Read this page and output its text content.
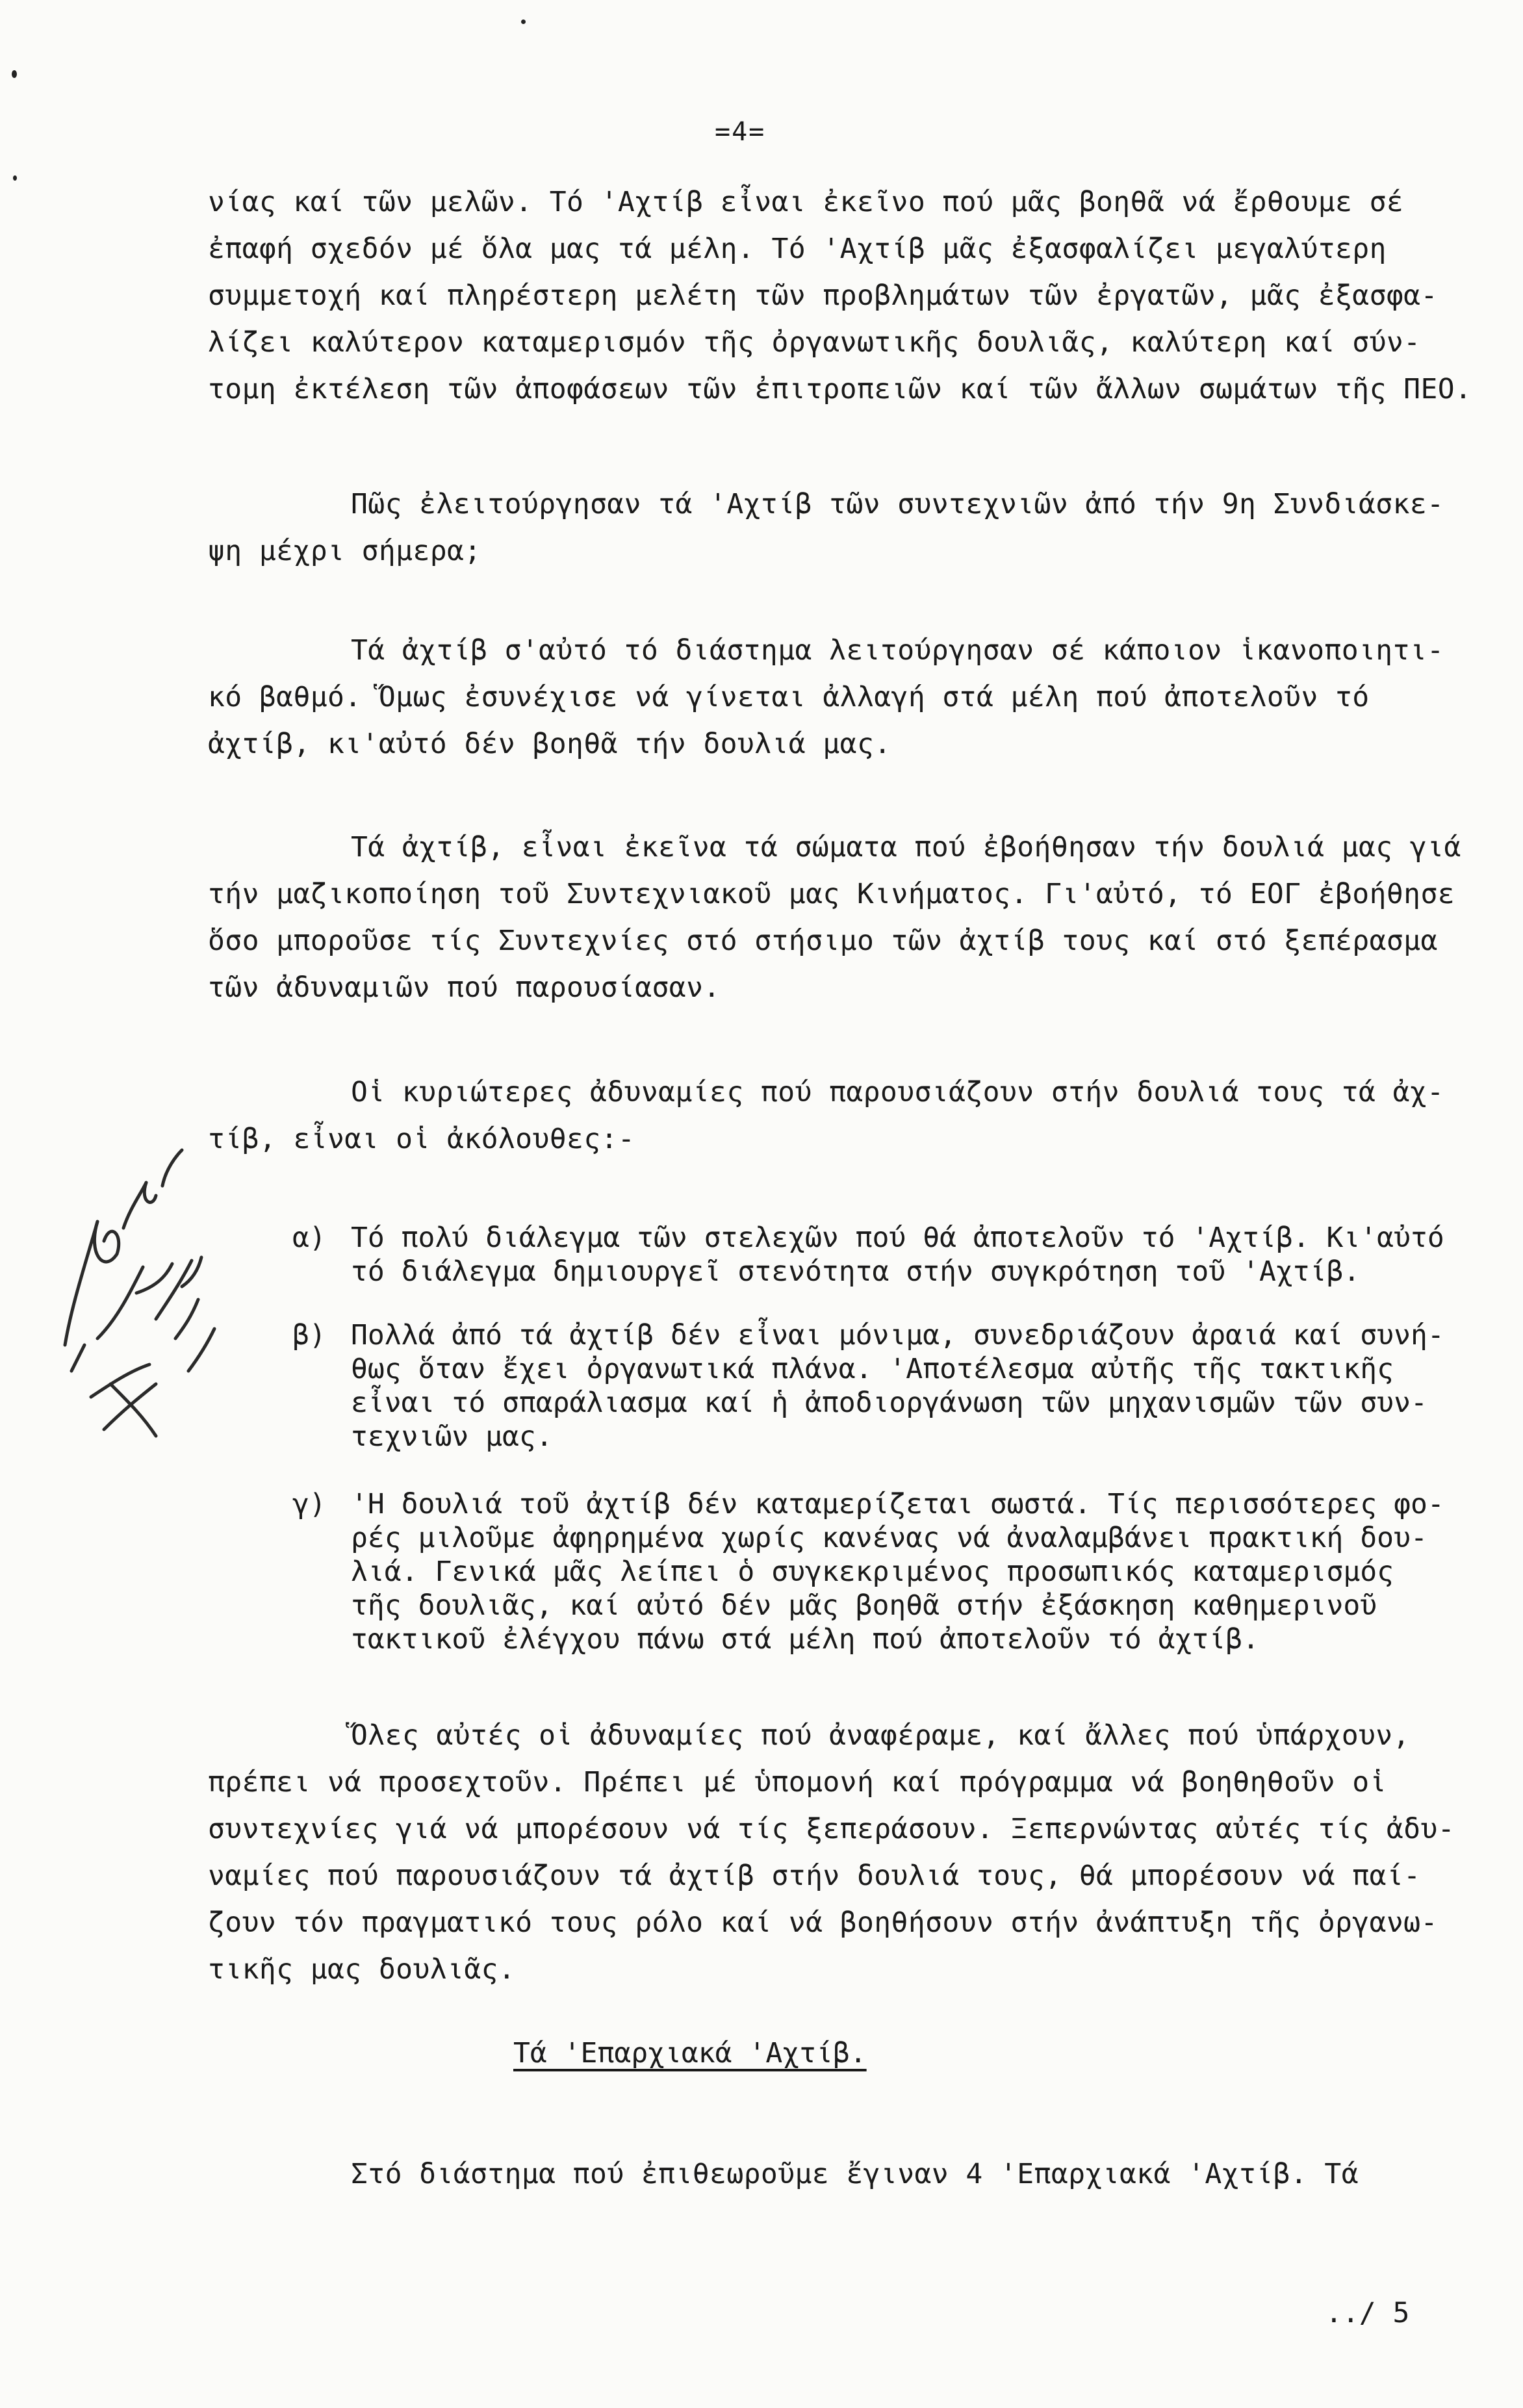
=4=
νίας καί τῶν μελῶν. Τό 'Αχτίβ εἶναι ἐκεῖνο πού μᾶς βοηθᾶ νά ἔρθουμε σέ
ἐπαφή σχεδόν μέ ὅλα μας τά μέλη. Τό 'Αχτίβ μᾶς ἐξασφαλίζει μεγαλύτερη
συμμετοχή καί πληρέστερη μελέτη τῶν προβλημάτων τῶν ἐργατῶν, μᾶς ἐξασφα-
λίζει καλύτερον καταμερισμόν τῆς ὀργανωτικῆς δουλιᾶς, καλύτερη καί σύν-
τομη ἐκτέλεση τῶν ἀποφάσεων τῶν ἐπιτροπειῶν καί τῶν ἄλλων σωμάτων τῆς ΠΕΟ.
Πῶς ἐλειτούργησαν τά 'Αχτίβ τῶν συντεχνιῶν ἀπό τήν 9η Συνδιάσκε-
ψη μέχρι σήμερα;
Τά ἀχτίβ σ'αὐτό τό διάστημα λειτούργησαν σέ κάποιον ἱκανοποιητι-
κό βαθμό. Ὅμως ἐσυνέχισε νά γίνεται ἀλλαγή στά μέλη πού ἀποτελοῦν τό
ἀχτίβ, κι'αὐτό δέν βοηθᾶ τήν δουλιά μας.
Τά ἀχτίβ, εἶναι ἐκεῖνα τά σώματα πού ἐβοήθησαν τήν δουλιά μας γιά
τήν μαζικοποίηση τοῦ Συντεχνιακοῦ μας Κινήματος. Γι'αὐτό, τό ΕΟΓ ἐβοήθησε
ὅσο μποροῦσε τίς Συντεχνίες στό στήσιμο τῶν ἀχτίβ τους καί στό ξεπέρασμα
τῶν ἀδυναμιῶν πού παρουσίασαν.
Οἱ κυριώτερες ἀδυναμίες πού παρουσιάζουν στήν δουλιά τους τά ἀχ-
τίβ, εἶναι οἱ ἀκόλουθες:-
α) Τό πολύ διάλεγμα τῶν στελεχῶν πού θά ἀποτελοῦν τό 'Αχτίβ. Κι'αὐτό
τό διάλεγμα δημιουργεῖ στενότητα στήν συγκρότηση τοῦ 'Αχτίβ.
β) Πολλά ἀπό τά ἀχτίβ δέν εἶναι μόνιμα, συνεδριάζουν ἀραιά καί συνή-
θως ὅταν ἔχει ὀργανωτικά πλάνα. 'Αποτέλεσμα αὐτῆς τῆς τακτικῆς
εἶναι τό σπαράλιασμα καί ἡ ἀποδιοργάνωση τῶν μηχανισμῶν τῶν συν-
τεχνιῶν μας.
γ) 'Η δουλιά τοῦ ἀχτίβ δέν καταμερίζεται σωστά. Τίς περισσότερες φο-
ρές μιλοῦμε ἀφηρημένα χωρίς κανένας νά ἀναλαμβάνει πρακτική δου-
λιά. Γενικά μᾶς λείπει ὁ συγκεκριμένος προσωπικός καταμερισμός
τῆς δουλιᾶς, καί αὐτό δέν μᾶς βοηθᾶ στήν ἐξάσκηση καθημερινοῦ
τακτικοῦ ἐλέγχου πάνω στά μέλη πού ἀποτελοῦν τό ἀχτίβ.
Ὅλες αὐτές οἱ ἀδυναμίες πού ἀναφέραμε, καί ἄλλες πού ὑπάρχουν,
πρέπει νά προσεχτοῦν. Πρέπει μέ ὑπομονή καί πρόγραμμα νά βοηθηθοῦν οἱ
συντεχνίες γιά νά μπορέσουν νά τίς ξεπεράσουν. Ξεπερνώντας αὐτές τίς ἀδυ-
ναμίες πού παρουσιάζουν τά ἀχτίβ στήν δουλιά τους, θά μπορέσουν νά παί-
ζουν τόν πραγματικό τους ρόλο καί νά βοηθήσουν στήν ἀνάπτυξη τῆς ὀργανω-
τικῆς μας δουλιᾶς.
Τά 'Επαρχιακά 'Αχτίβ.
Στό διάστημα πού ἐπιθεωροῦμε ἔγιναν 4 'Επαρχιακά 'Αχτίβ. Τά
../ 5
